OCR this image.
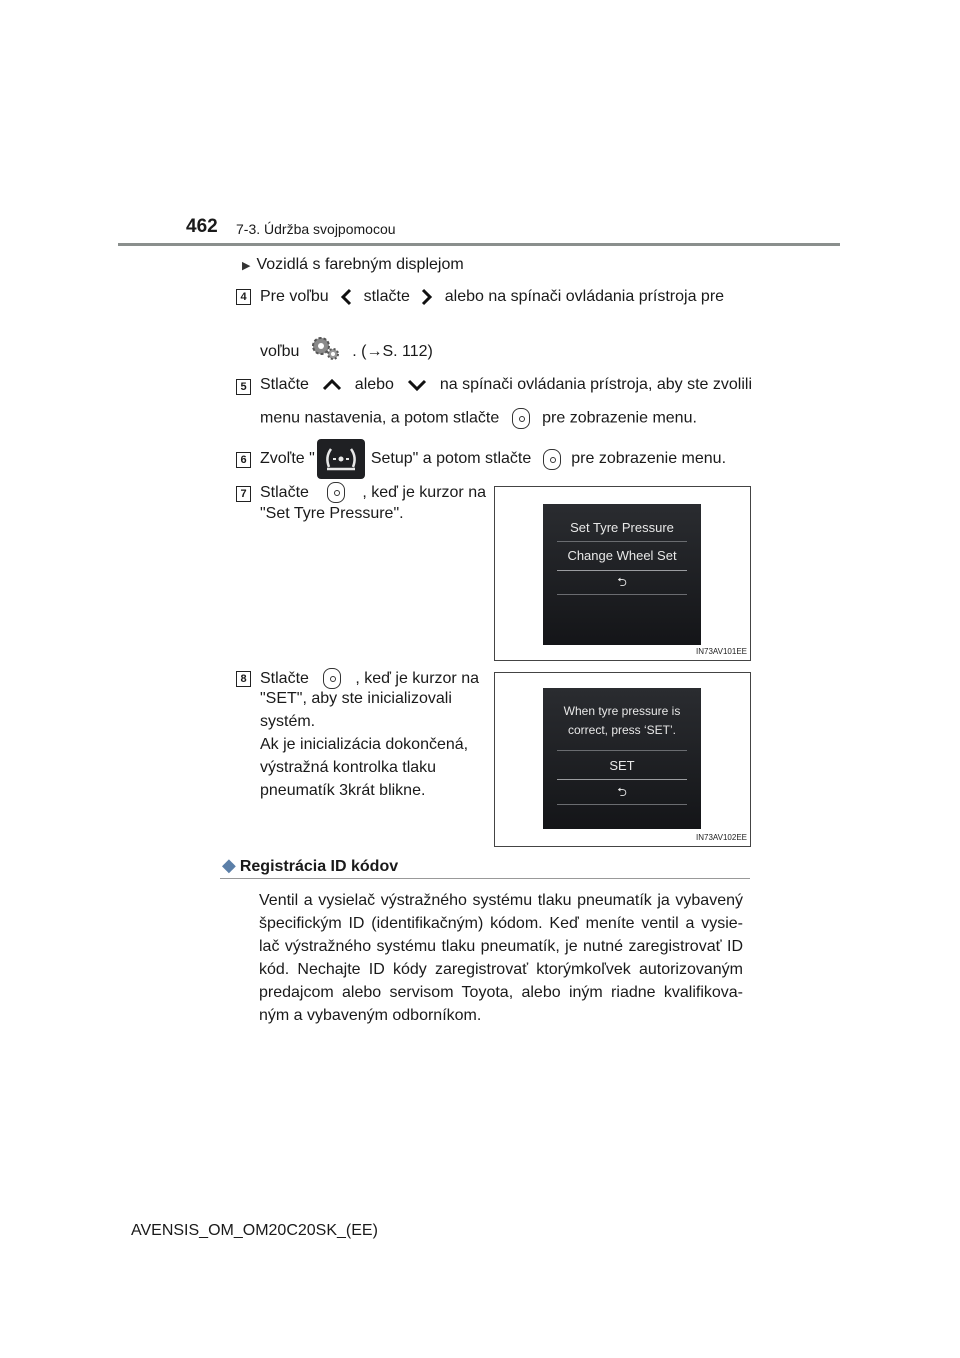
462 7-3. Údržba svojpomocou
▶ Vozidlá s farebným displejom
4 Pre voľbu stlačte alebo na spínači ovládania prístroja pre
voľbu	. (→S. 112)
5 Stlačte	alebo	na spínači ovládania prístroja, aby ste zvolili
menu nastavenia, a potom stlačte	pre zobrazenie menu.
6 Zvoľte "	Setup" a potom stlačte	pre zobrazenie menu.
7 Stlačte	, keď je kurzor na
"Set Tyre Pressure".
Set Tyre Pressure
Change Wheel Set
⮌
IN73AV101EE
8 Stlačte	, keď je kurzor na
"SET", aby ste inicializovali
systém.
Ak je inicializácia dokončená,
výstražná kontrolka tlaku
pneumatík 3krát blikne.
When tyre pressure is
correct, press ‘SET’.
SET
⮌
IN73AV102EE
◆ Registrácia ID kódov
Ventil a vysielač výstražného systému tlaku pneumatík ja vybavený
špecifickým ID (identifikačným) kódom. Keď meníte ventil a vysie-
lač výstražného systému tlaku pneumatík, je nutné zaregistrovať ID
kód. Nechajte ID kódy zaregistrovať ktorýmkoľvek autorizovaným
predajcom alebo servisom Toyota, alebo iným riadne kvalifikova-
ným a vybaveným odborníkom.
AVENSIS_OM_OM20C20SK_(EE)
